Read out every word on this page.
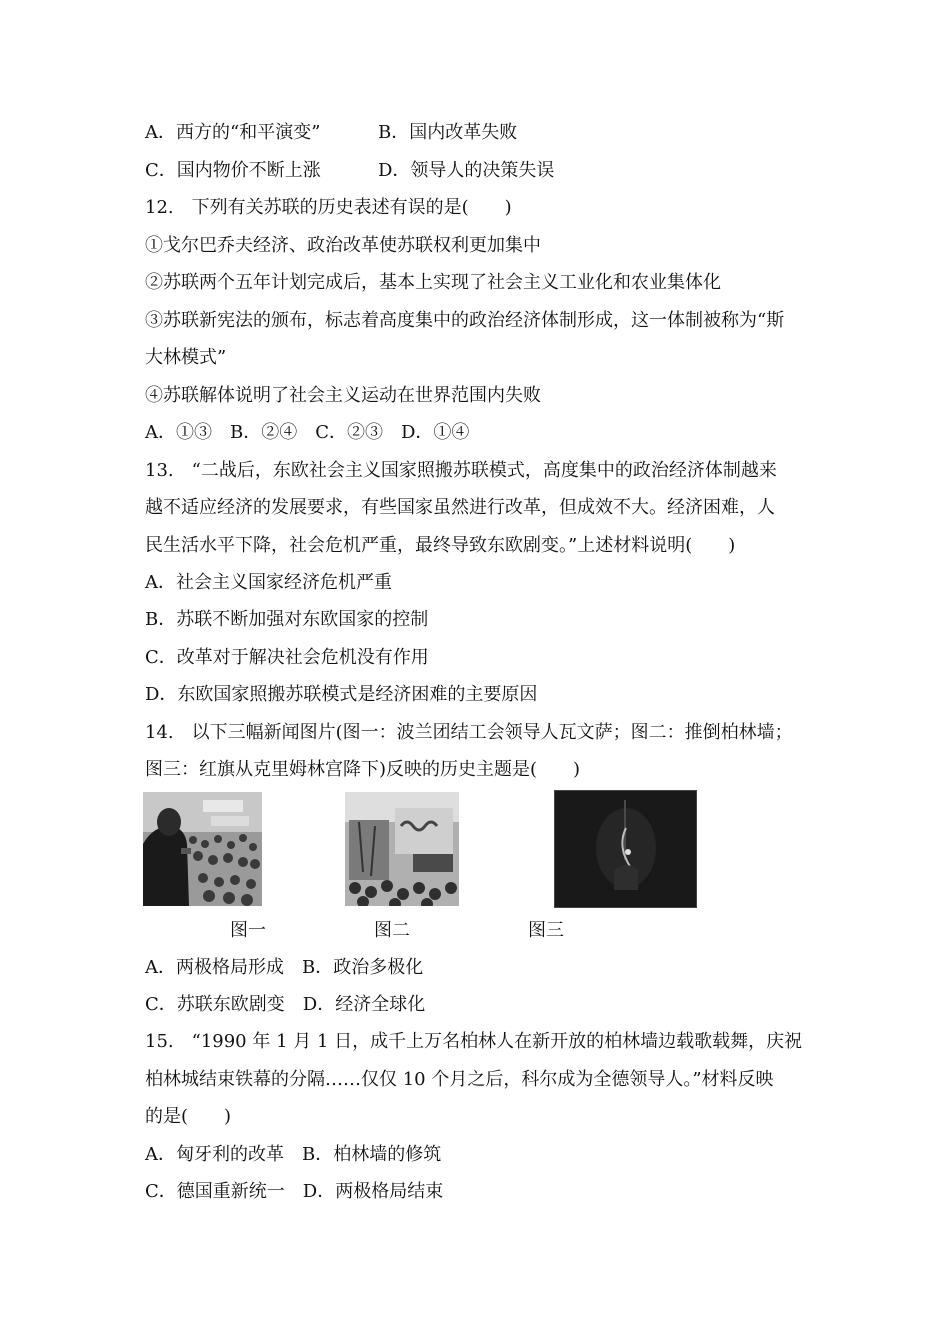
A．西方的“和平演变”	B．国内改革失败
C．国内物价不断上涨	D．领导人的决策失误
12.　下列有关苏联的历史表述有误的是(　　)
①戈尔巴乔夫经济、政治改革使苏联权利更加集中
②苏联两个五年计划完成后，基本上实现了社会主义工业化和农业集体化
③苏联新宪法的颁布，标志着高度集中的政治经济体制形成，这一体制被称为“斯
大林模式”
④苏联解体说明了社会主义运动在世界范围内失败
A．①③　B．②④　C．②③　D．①④
13.　“二战后，东欧社会主义国家照搬苏联模式，高度集中的政治经济体制越来
越不适应经济的发展要求，有些国家虽然进行改革，但成效不大。经济困难，人
民生活水平下降，社会危机严重，最终导致东欧剧变。”上述材料说明(　　)
A．社会主义国家经济危机严重
B．苏联不断加强对东欧国家的控制
C．改革对于解决社会危机没有作用
D．东欧国家照搬苏联模式是经济困难的主要原因
14.　以下三幅新闻图片(图一：波兰团结工会领导人瓦文萨；图二：推倒柏林墙；
图三：红旗从克里姆林宫降下)反映的历史主题是(　　)
图一	图二	图三
A．两极格局形成　B．政治多极化
C．苏联东欧剧变　D．经济全球化
15.　“1990 年 1 月 1 日，成千上万名柏林人在新开放的柏林墙边载歌载舞，庆祝
柏林城结束铁幕的分隔……仅仅 10 个月之后，科尔成为全德领导人。”材料反映
的是(　　)
A．匈牙利的改革　B．柏林墙的修筑
C．德国重新统一　D．两极格局结束
